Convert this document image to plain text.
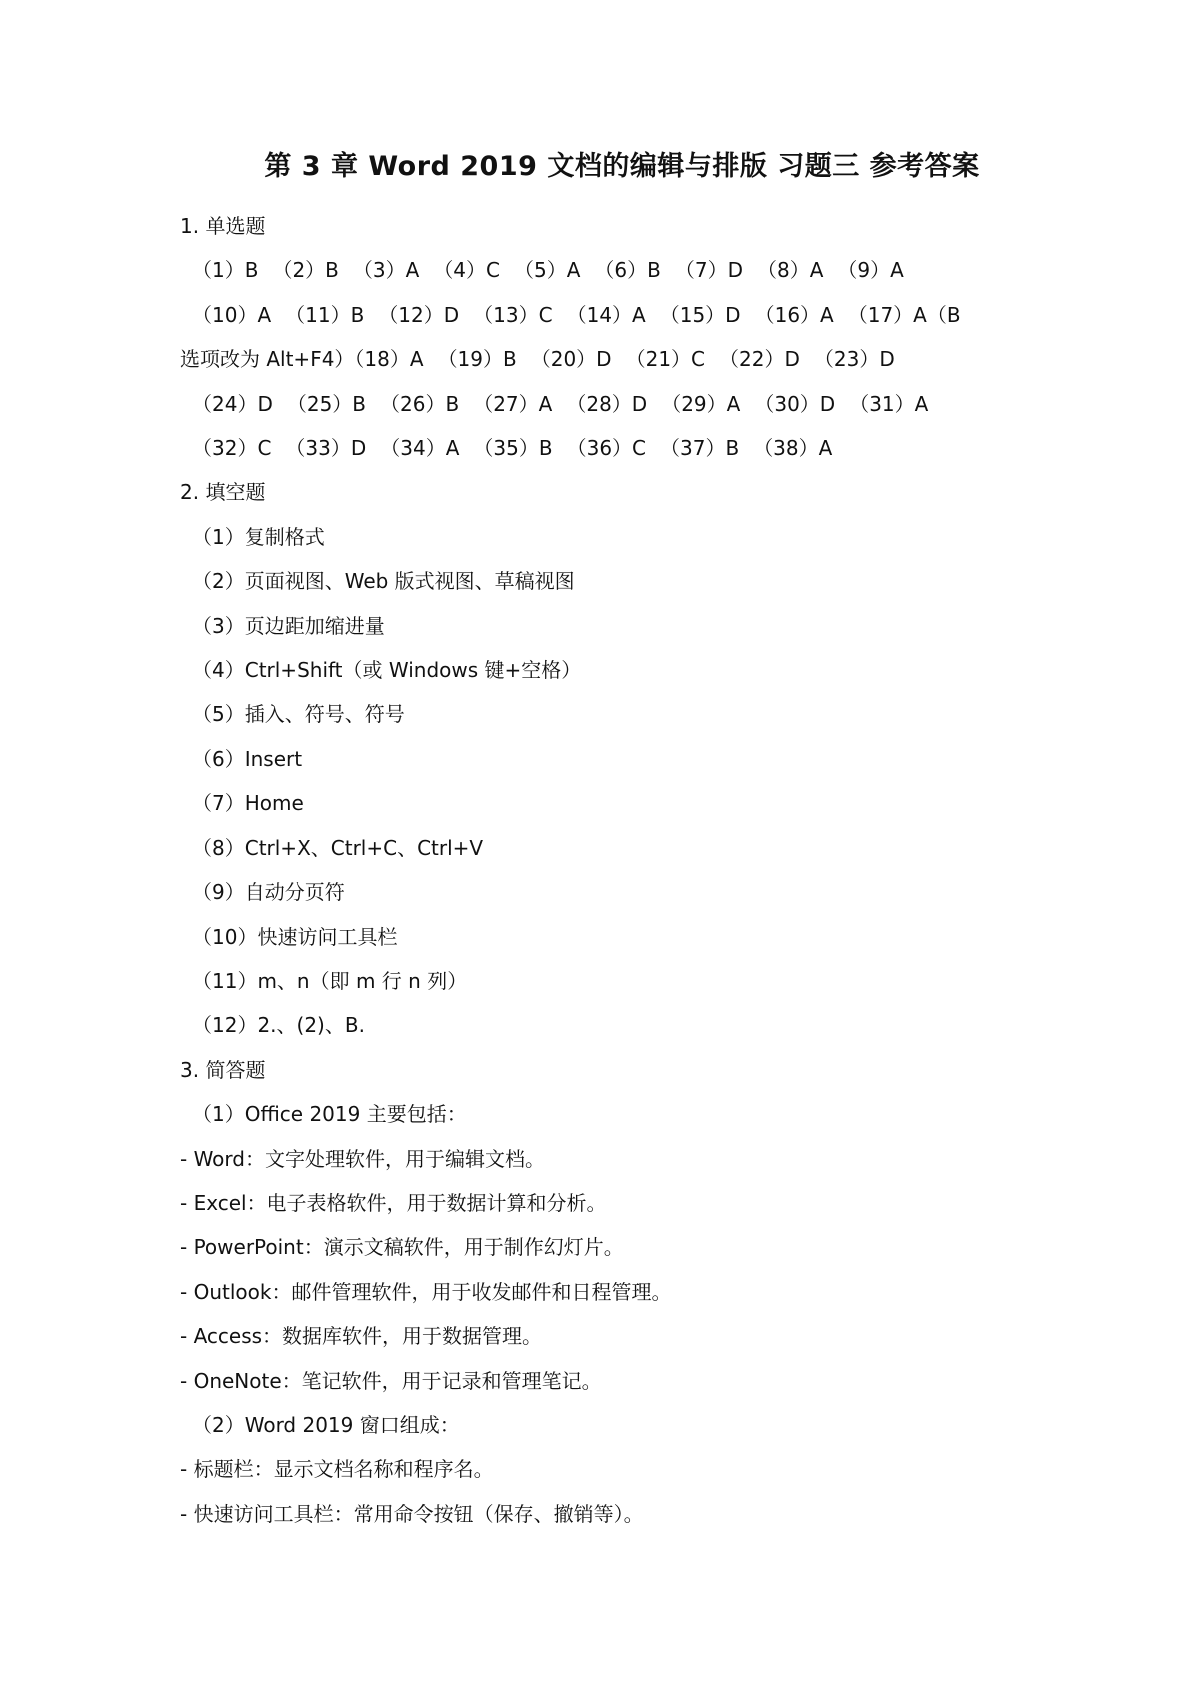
第 3 章 Word 2019 文档的编辑与排版 习题三 参考答案
1. 单选题
（1）B （2）B （3）A （4）C （5）A （6）B （7）D （8）A （9）A
（10）A （11）B （12）D （13）C （14）A （15）D （16）A （17）A（B
选项改为 Alt+F4）（18）A （19）B （20）D （21）C （22）D （23）D
（24）D （25）B （26）B （27）A （28）D （29）A （30）D （31）A
（32）C （33）D （34）A （35）B （36）C （37）B （38）A
2. 填空题
（1）复制格式
（2）页面视图、Web 版式视图、草稿视图
（3）页边距加缩进量
（4）Ctrl+Shift（或 Windows 键+空格）
（5）插入、符号、符号
（6）Insert
（7）Home
（8）Ctrl+X、Ctrl+C、Ctrl+V
（9）自动分页符
（10）快速访问工具栏
（11）m、n（即 m 行 n 列）
（12）2.、(2)、B.
3. 简答题
（1）Office 2019 主要包括：
- Word：文字处理软件，用于编辑文档。
- Excel：电子表格软件，用于数据计算和分析。
- PowerPoint：演示文稿软件，用于制作幻灯片。
- Outlook：邮件管理软件，用于收发邮件和日程管理。
- Access：数据库软件，用于数据管理。
- OneNote：笔记软件，用于记录和管理笔记。
（2）Word 2019 窗口组成：
- 标题栏：显示文档名称和程序名。
- 快速访问工具栏：常用命令按钮（保存、撤销等）。
